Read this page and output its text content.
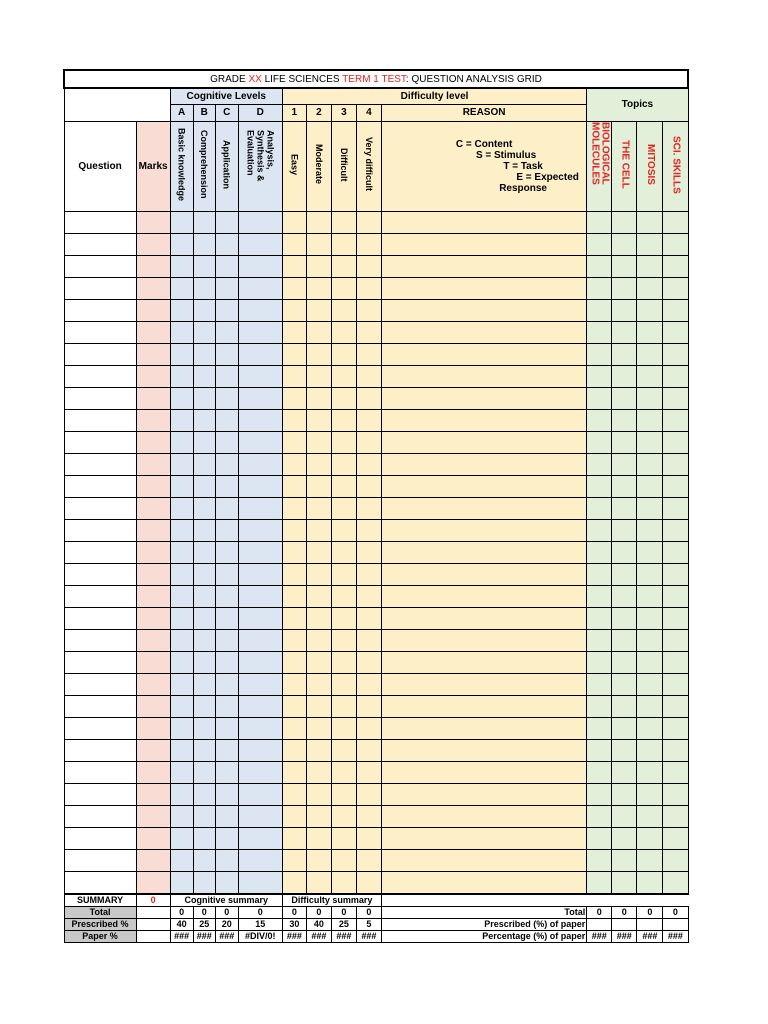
GRADE XX LIFE SCIENCES TERM 1 TEST: QUESTION ANALYSIS GRID														
		Cognitive Levels				Difficulty level					Topics			
		A	B	C	D	1	2	3	4	REASON				
Question	Marks	Basic knowledge	Comprehension	Application	Analysis, Synthesis & Evaluation	Easy	Moderate	Difficult	Very difficult	C = Content
S = Stimulus
T = Task
E = Expected
Response	BIOLOGICAL MOLECULES	THE CELL	MITOSIS	SCI. SKILLS

SUMMARY	0	Cognitive summary				Difficulty summary								
Total		0	0	0	0	0	0	0	0	Total	0	0	0	0
Prescribed %		40	25	20	15	30	40	25	5	Prescribed (%) of paper				
Paper %		###	###	###	#DIV/0!	###	###	###	###	Percentage (%) of paper	###	###	###	###
